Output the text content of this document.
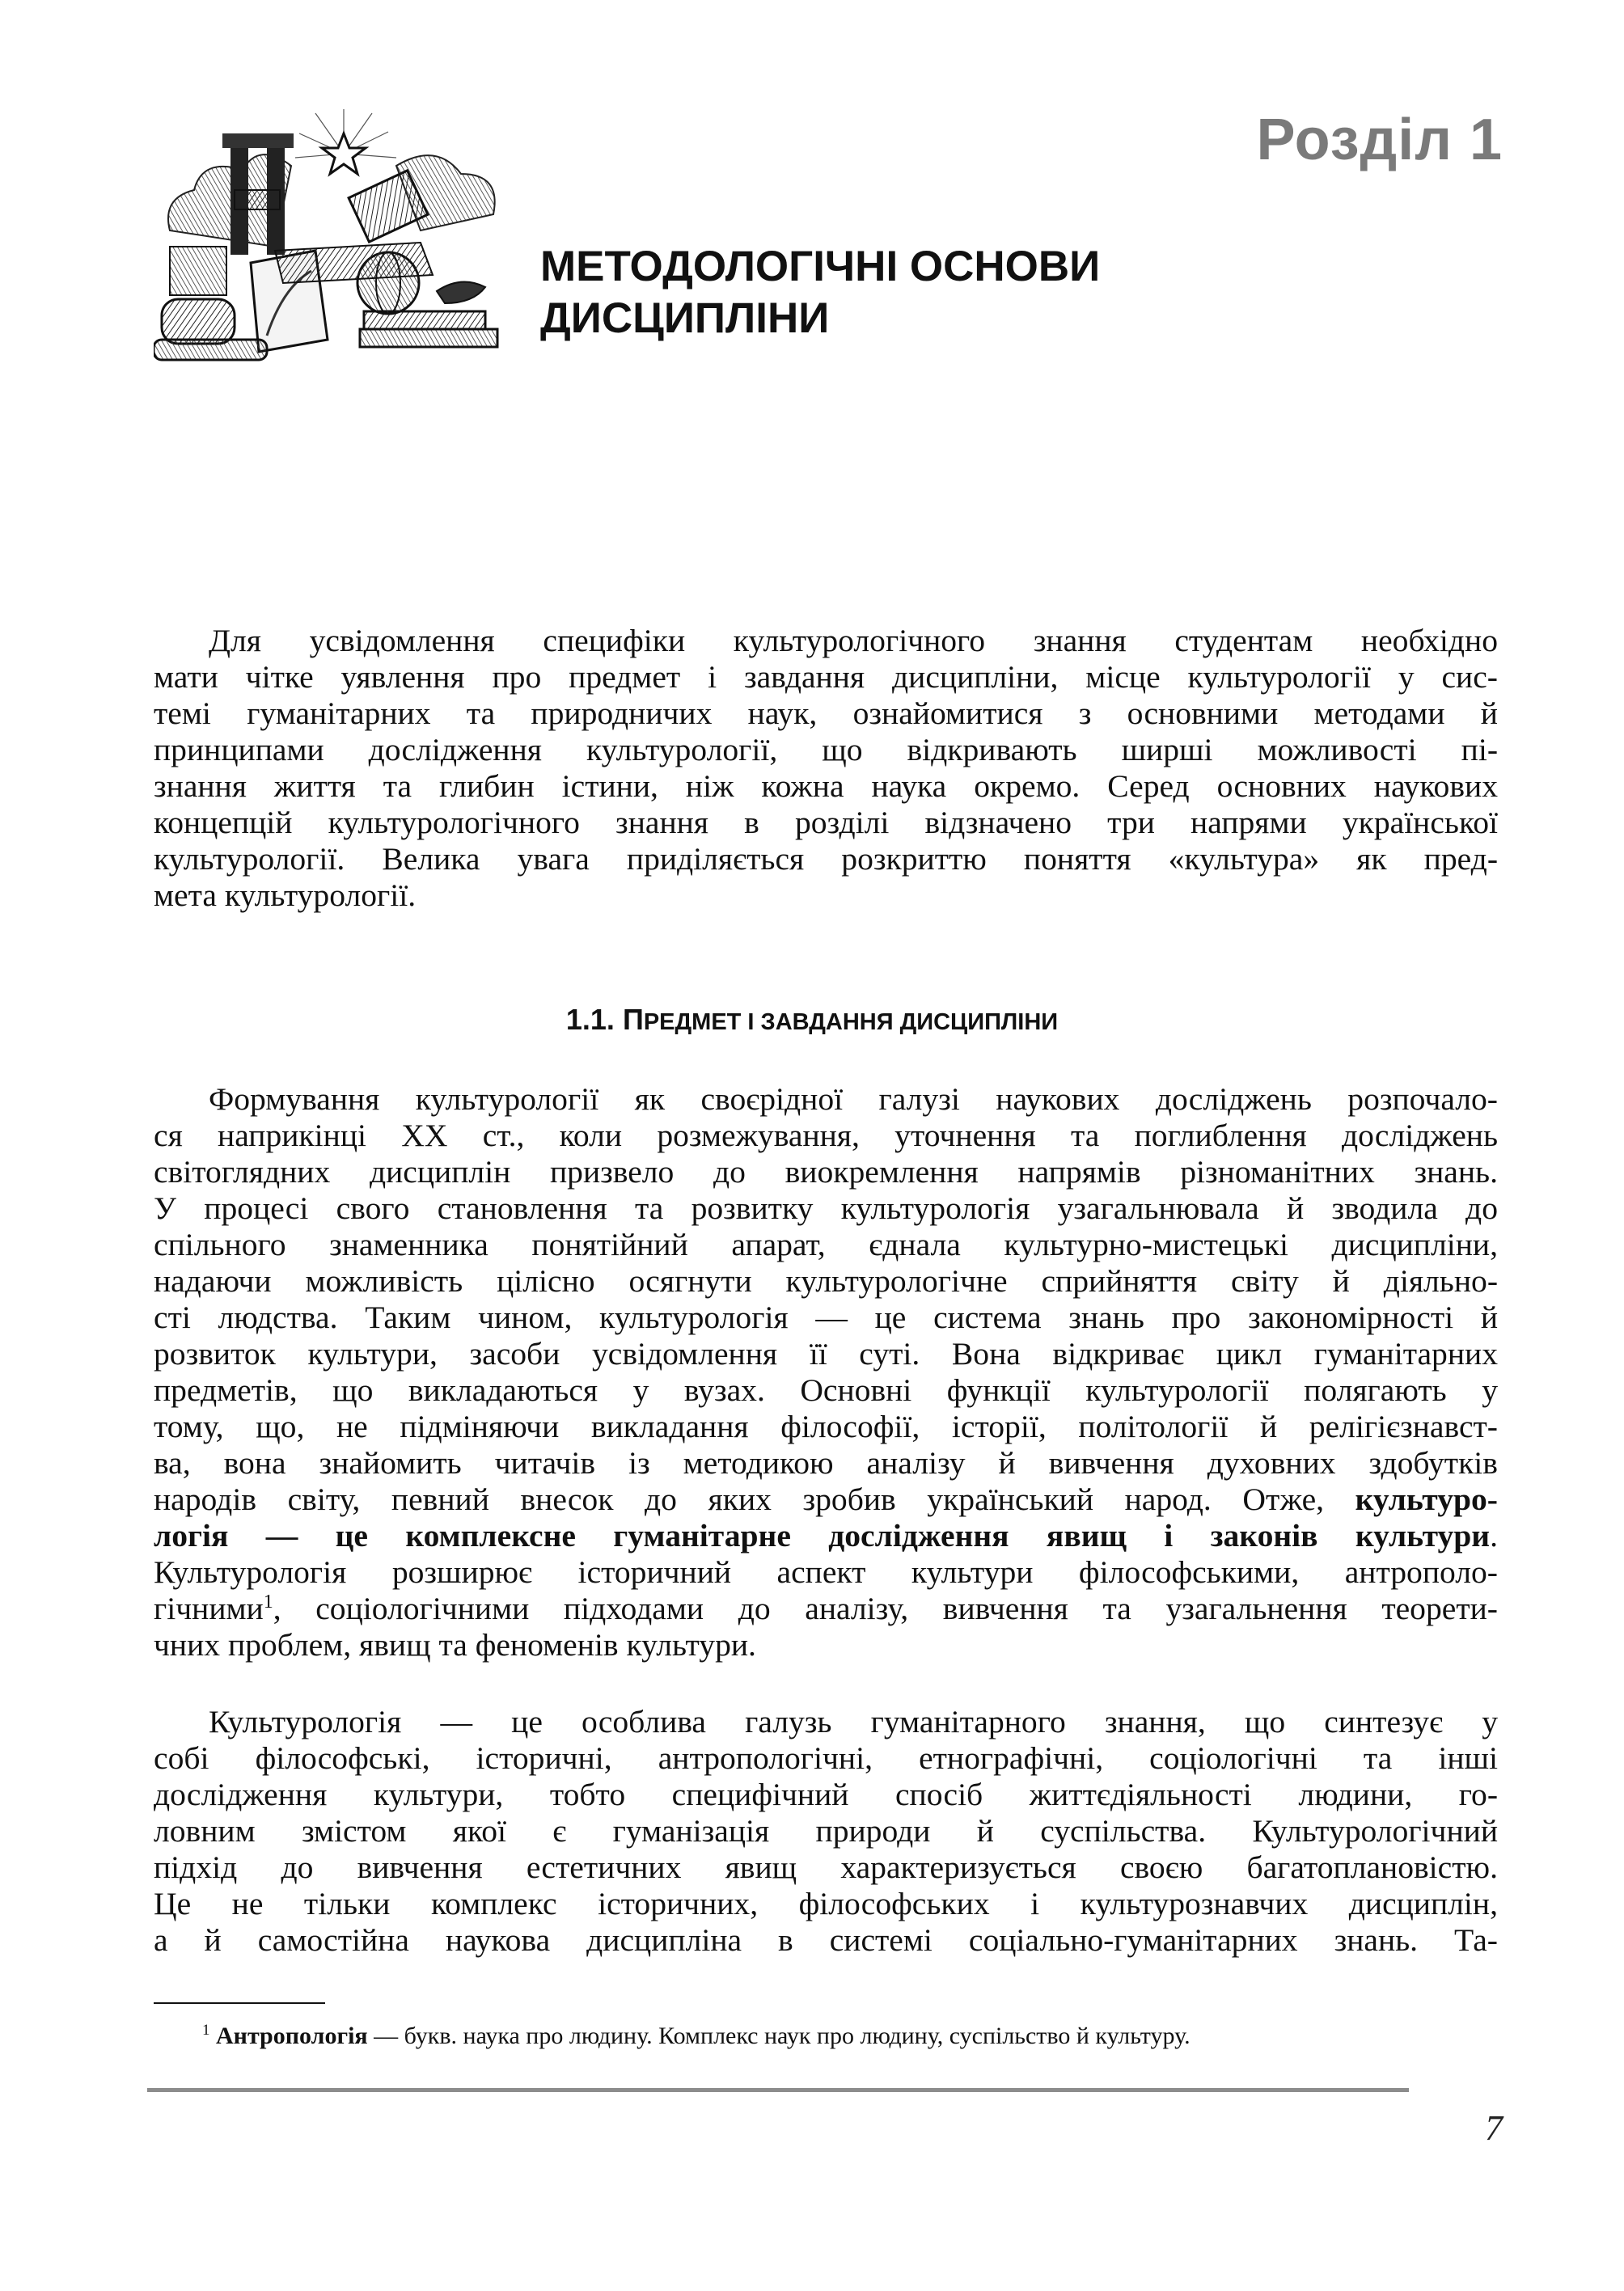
Розділ 1
МЕТОДОЛОГІЧНІ ОСНОВИ
ДИСЦИПЛІНИ
Для усвідомлення специфіки культурологічного знання студентам необхідно
мати чітке уявлення про предмет і завдання дисципліни, місце культурології у сис-
темі гуманітарних та природничих наук, ознайомитися з основними методами й
принципами дослідження культурології, що відкривають ширші можливості пі-
знання життя та глибин істини, ніж кожна наука окремо. Серед основних наукових
концепцій культурологічного знання в розділі відзначено три напрями української
культурології. Велика увага приділяється розкриттю поняття «культура» як пред-
мета культурології.
1.1. ПРЕДМЕТ І ЗАВДАННЯ ДИСЦИПЛІНИ
Формування культурології як своєрідної галузі наукових досліджень розпочало-
ся наприкінці XX ст., коли розмежування, уточнення та поглиблення досліджень
світоглядних дисциплін призвело до виокремлення напрямів різноманітних знань.
У процесі свого становлення та розвитку культурологія узагальнювала й зводила до
спільного знаменника понятійний апарат, єднала культурно-мистецькі дисципліни,
надаючи можливість цілісно осягнути культурологічне сприйняття світу й діяльно-
сті людства. Таким чином, культурологія — це система знань про закономірності й
розвиток культури, засоби усвідомлення її суті. Вона відкриває цикл гуманітарних
предметів, що викладаються у вузах. Основні функції культурології полягають у
тому, що, не підміняючи викладання філософії, історії, політології й релігієзнавст-
ва, вона знайомить читачів із методикою аналізу й вивчення духовних здобутків
народів світу, певний внесок до яких зробив український народ. Отже, культуро-
логія — це комплексне гуманітарне дослідження явищ і законів культури.
Культурологія розширює історичний аспект культури філософськими, антрополо-
гічними$^1$, соціологічними підходами до аналізу, вивчення та узагальнення теорети-
чних проблем, явищ та феноменів культури.
Культурологія — це особлива галузь гуманітарного знання, що синтезує у
собі філософські, історичні, антропологічні, етнографічні, соціологічні та інші
дослідження культури, тобто специфічний спосіб життєдіяльності людини, го-
ловним змістом якої є гуманізація природи й суспільства. Культурологічний
підхід до вивчення естетичних явищ характеризується своєю багатоплановістю.
Це не тільки комплекс історичних, філософських і культурознавчих дисциплін,
а й самостійна наукова дисципліна в системі соціально-гуманітарних знань. Та-
$^1$ Антропологія — букв. наука про людину. Комплекс наук про людину, суспільство й культуру.
7
